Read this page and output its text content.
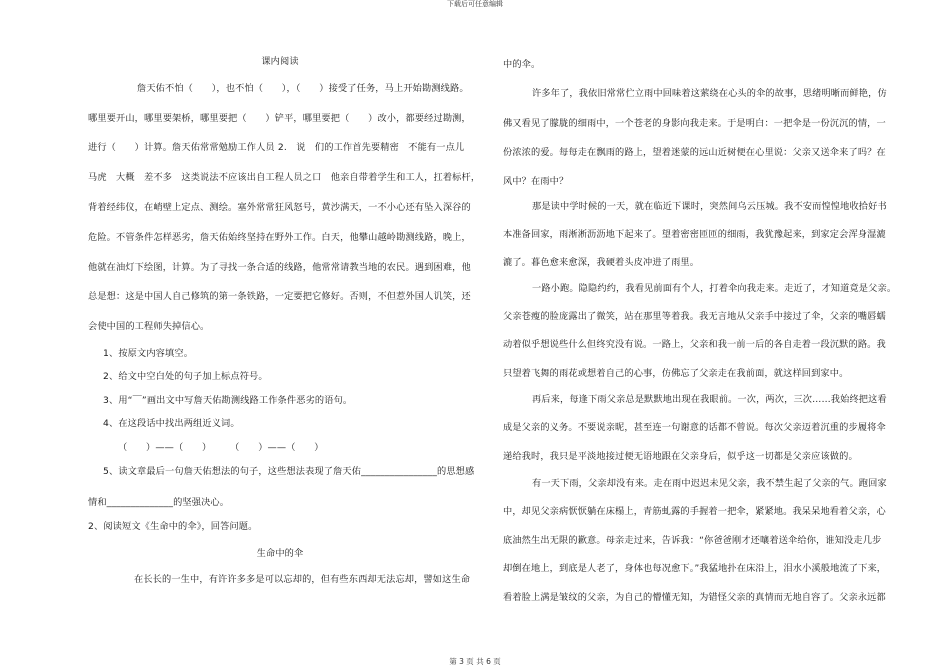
下载后可任意编辑

课内阅读

詹天佑不怕（　　），也不怕（　　），（　　）接受了任务，马上开始勘测线路。

哪里要开山，哪里要架桥，哪里要把（　　）铲平，哪里要把（　　）改小，都要经过勘测，

进行（　　）计算。詹天佑常常勉励工作人员 2.　说　们的工作首先要精密　不能有一点儿

马虎　大概　差不多　这类说法不应该出自工程人员之口　他亲自带着学生和工人，扛着标杆，

背着经纬仪，在峭壁上定点、测绘。塞外常常狂风怒号，黄沙满天，一不小心还有坠入深谷的

危险。不管条件怎样恶劣，詹天佑始终坚持在野外工作。白天，他攀山越岭勘测线路，晚上，

他就在油灯下绘图，计算。为了寻找一条合适的线路，他常常请教当地的农民。遇到困难，他

总是想：这是中国人自己修筑的第一条铁路，一定要把它修好。否则，不但惹外国人讥笑，还

会使中国的工程师失掉信心。

1、按原文内容填空。

2、给文中空白处的句子加上标点符号。

3、用“￣”画出文中写詹天佑勘测线路工作条件恶劣的语句。

4、在这段话中找出两组近义词。

（　　）——（　　）　　　（　　）——（　　）

5、读文章最后一句詹天佑想法的句子，这些想法表现了詹天佑________________的思想感

情和______________的坚强决心。

2、阅读短文《生命中的伞》，回答问题。

生命中的伞

在长长的一生中，有许许多多是可以忘却的，但有些东西却无法忘却，譬如这生命

中的伞。

许多年了，我依旧常常伫立雨中回味着这萦绕在心头的伞的故事，思绪明晰而鲜艳，仿

佛又看见了朦胧的细雨中，一个苍老的身影向我走来。于是明白：一把伞是一份沉沉的情，一

份浓浓的爱。每每走在飘雨的路上，望着迷蒙的远山近树便在心里说：父亲又送伞来了吗？在

风中？在雨中？

那是读中学时候的一天，就在临近下课时，突然间乌云压城。我不安而惶惶地收拾好书

本准备回家，雨淅淅沥沥地下起来了。望着密密匝匝的细雨，我犹豫起来，到家定会浑身湿漉

漉了。暮色愈来愈深，我硬着头皮冲进了雨里。

一路小跑。隐隐约约，我看见前面有个人，打着伞向我走来。走近了，才知道竟是父亲。

父亲苍瘦的脸庞露出了微笑，站在那里等着我。我无言地从父亲手中接过了伞，父亲的嘴唇蠕

动着似乎想说些什么但终究没有说。一路上，父亲和我一前一后的各自走着一段沉默的路。我

只望着飞舞的雨花或想着自己的心事，仿佛忘了父亲走在我前面，就这样回到家中。

再后来，每逢下雨父亲总是默默地出现在我眼前。一次，两次，三次……我始终把这看

成是父亲的义务。不要说亲昵，甚至连一句谢意的话都不曾说。每次父亲迈着沉重的步履将伞

递给我时，我只是平淡地接过便无语地跟在父亲身后，似乎这一切都是父亲应该做的。

有一天下雨，父亲却没有来。走在雨中迟迟未见父亲，我不禁生起了父亲的气。跑回家

中，却见父亲病恹恹躺在床榻上，青筋虬露的手握着一把伞，紧紧地。我呆呆地看着父亲，心

底油然生出无限的歉意。母亲走过来，告诉我：“你爸爸刚才还嚷着送伞给你，谁知没走几步

却倒在地上，到底是人老了，身体也每况愈下。”我猛地扑在床沿上，泪水小溪般地流了下来，

看着脸上满是皱纹的父亲，为自己的懵懂无知，为错怪父亲的真情而无地自容了。父亲永远都

第 3 页 共 6 页
